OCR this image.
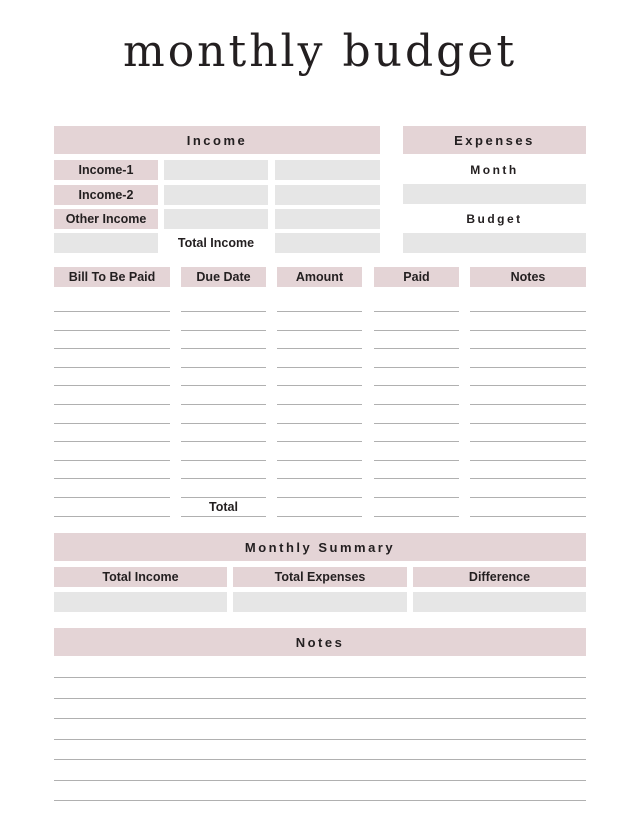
monthly budget
Income
Income-1
Income-2
Other Income
Total Income
Expenses
Month
Budget
Bill To Be Paid	Due Date	Amount	Paid	Notes
Total
Monthly Summary
Total Income	Total Expenses	Difference
Notes
